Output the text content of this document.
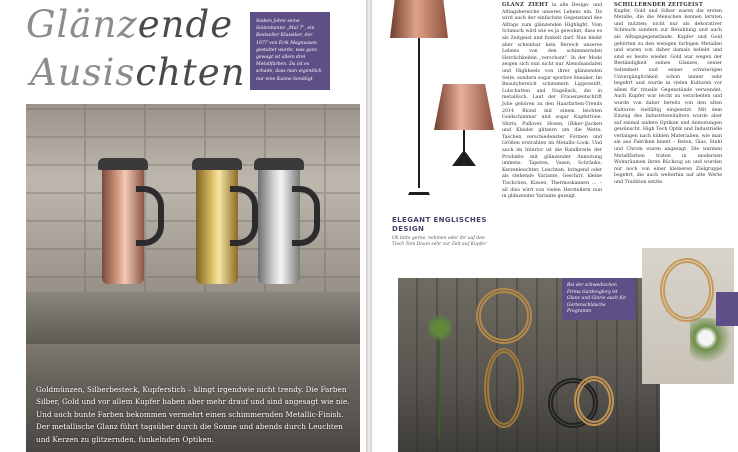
Glänzende
Ausischten
Sieben Jahre seine Seitenbanne „Mal 7", ein Bestseller Klassiker, der 1977 von Erik Magnussen gestaltet wurde, was ganz gewagt ist allein drei Metallfarben. Da ist es schade, dass man eigentlich nur eine Kanne benötigt
Goldmünzen, Silberbesteck, Kupferstich – klingt irgendwie nicht trendy. Die Farben Silber, Gold und vor allem Kupfer haben aber mehr drauf und sind angesagt wie nie. Und auch bunte Farben bekommen vermehrt einen schimmernden Metallic-Finish. Der metallische Glanz führt tagsüber durch die Sonne und abends durch Leuchten und Kerzen zu glitzernden, funkelnden Optiken.
GLANZ ZIEHT in alle Design- und Alltagsbereiche unseres Lebens ein. Da wird auch der einfachste Gegenstand des Alltags zum glänzenden Highlight. Vom Schmuck wird wie es ja gewohnt, dass es als Zeitgeist und funkelt darf. Nun bleibt aber scheinbar kein Bereich unseres Lebens von den schimmernden Herrlichkeiten „verschont". In der Mode zeigen sich nun nicht nur Abendsandalen und Highheels von ihrer glänzenden Seite, sondern sogar sportive Sneaker. Im Beautybereich schimmern Lippenstift, Lidschatten und Nagellack, die in metallisch. Laut der Frauenzeitschrift Jolie gehören zu den Haarfarben-Trends 2014 Blond mit einem leichten Goldschimmer und sogar Kupfertöne. Shirts, Pullover, Hosen, (Biker-)Jacken und Kleider glitzern um die Wette. Taschen verschiedenster Formen und Größen erstrahlen im Metallic-Look. Und auch im Interior ist die Bandbreite der Produkte mit glänzender Anmutung immens. Tapeten, Vasen, Schränke, Kerzenleuchter, Leuchten, bringend oder als stehende Variante, Geschirr, kleine Tischchen, Kissen, Thermoskannen ... – all dies wird von vielen Herstellern nun in glänzender Variante gezeigt.
SCHILLERNDER ZEITGEIST
Kupfer, Gold und Silber waren die ersten Metalle, die die Menschen kennen lernten und nutzten; nicht nur als dekorativer Schmuck sondern zur Bezahlung und auch als Alltagsgegenstände. Kupfer und Gold gehörten zu den wenigen farbigen Metallen und waren von daher damals beliebt und sind es heute wieder. Gold war wegen der Beständigkeit seines Glanzes, seiner Seltenheit und seiner schwierigen Unvergänglichkeit schon immer sehr begehrt und wurde in vielen Kulturen vor allem für rituelle Gegenstände verwendet. Auch Kupfer war leicht zu verarbeiten und wurde von daher bereits von den alten Kulturen vielfältig eingesetzt. Mit dem Einzug des Industriezeitalters wurde aber auf einmal andere Optiken und Anmutungen gewünscht. High Tech Optik und Industrielle verlangen nach kühlen Materialien, wie man sie aus Fabriken kennt – Beton, Glas, Stahl und Chrom waren angesagt. Die warmen Metallfarben traten in modernen Wohnräumen ihren Rückzug an und wurden nur noch von einer kleineren Zielgruppe begehrt, die auch weiterhin auf alte Werte und Tradition setzte.
ELEGANT ENGLISCHES DESIGN
Oh bitte gerne, nehmen oder ihr auf den Tisch Tom Dixon sehr zur Zeit auf Kupfer
Bei der schwedischen Firma Gardenglory ist Glanz und Glorie auch für Gartenschläuche Programm
